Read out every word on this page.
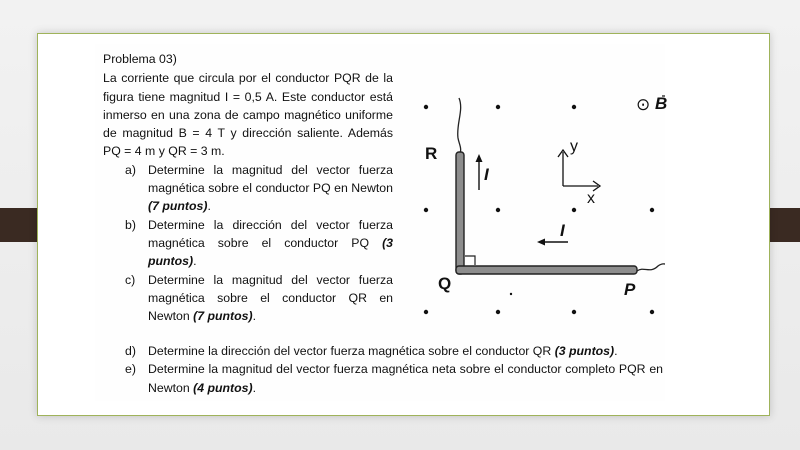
Problema 03)
La corriente que circula por el conductor PQR de la figura tiene magnitud I = 0,5 A. Este conductor está inmerso en una zona de campo magnético uniforme de magnitud B = 4 T y dirección saliente. Además PQ = 4 m y QR = 3 m.
a) Determine la magnitud del vector fuerza magnética sobre el conductor PQ en Newton (7 puntos).
b) Determine la dirección del vector fuerza magnética sobre el conductor PQ (3 puntos).
c) Determine la magnitud del vector fuerza magnética sobre el conductor QR en Newton (7 puntos).
d) Determine la dirección del vector fuerza magnética sobre el conductor QR (3 puntos).
e) Determine la magnitud del vector fuerza magnética neta sobre el conductor completo PQR en Newton (4 puntos).
R
Q	P
I
I
y
x
⊙ B
